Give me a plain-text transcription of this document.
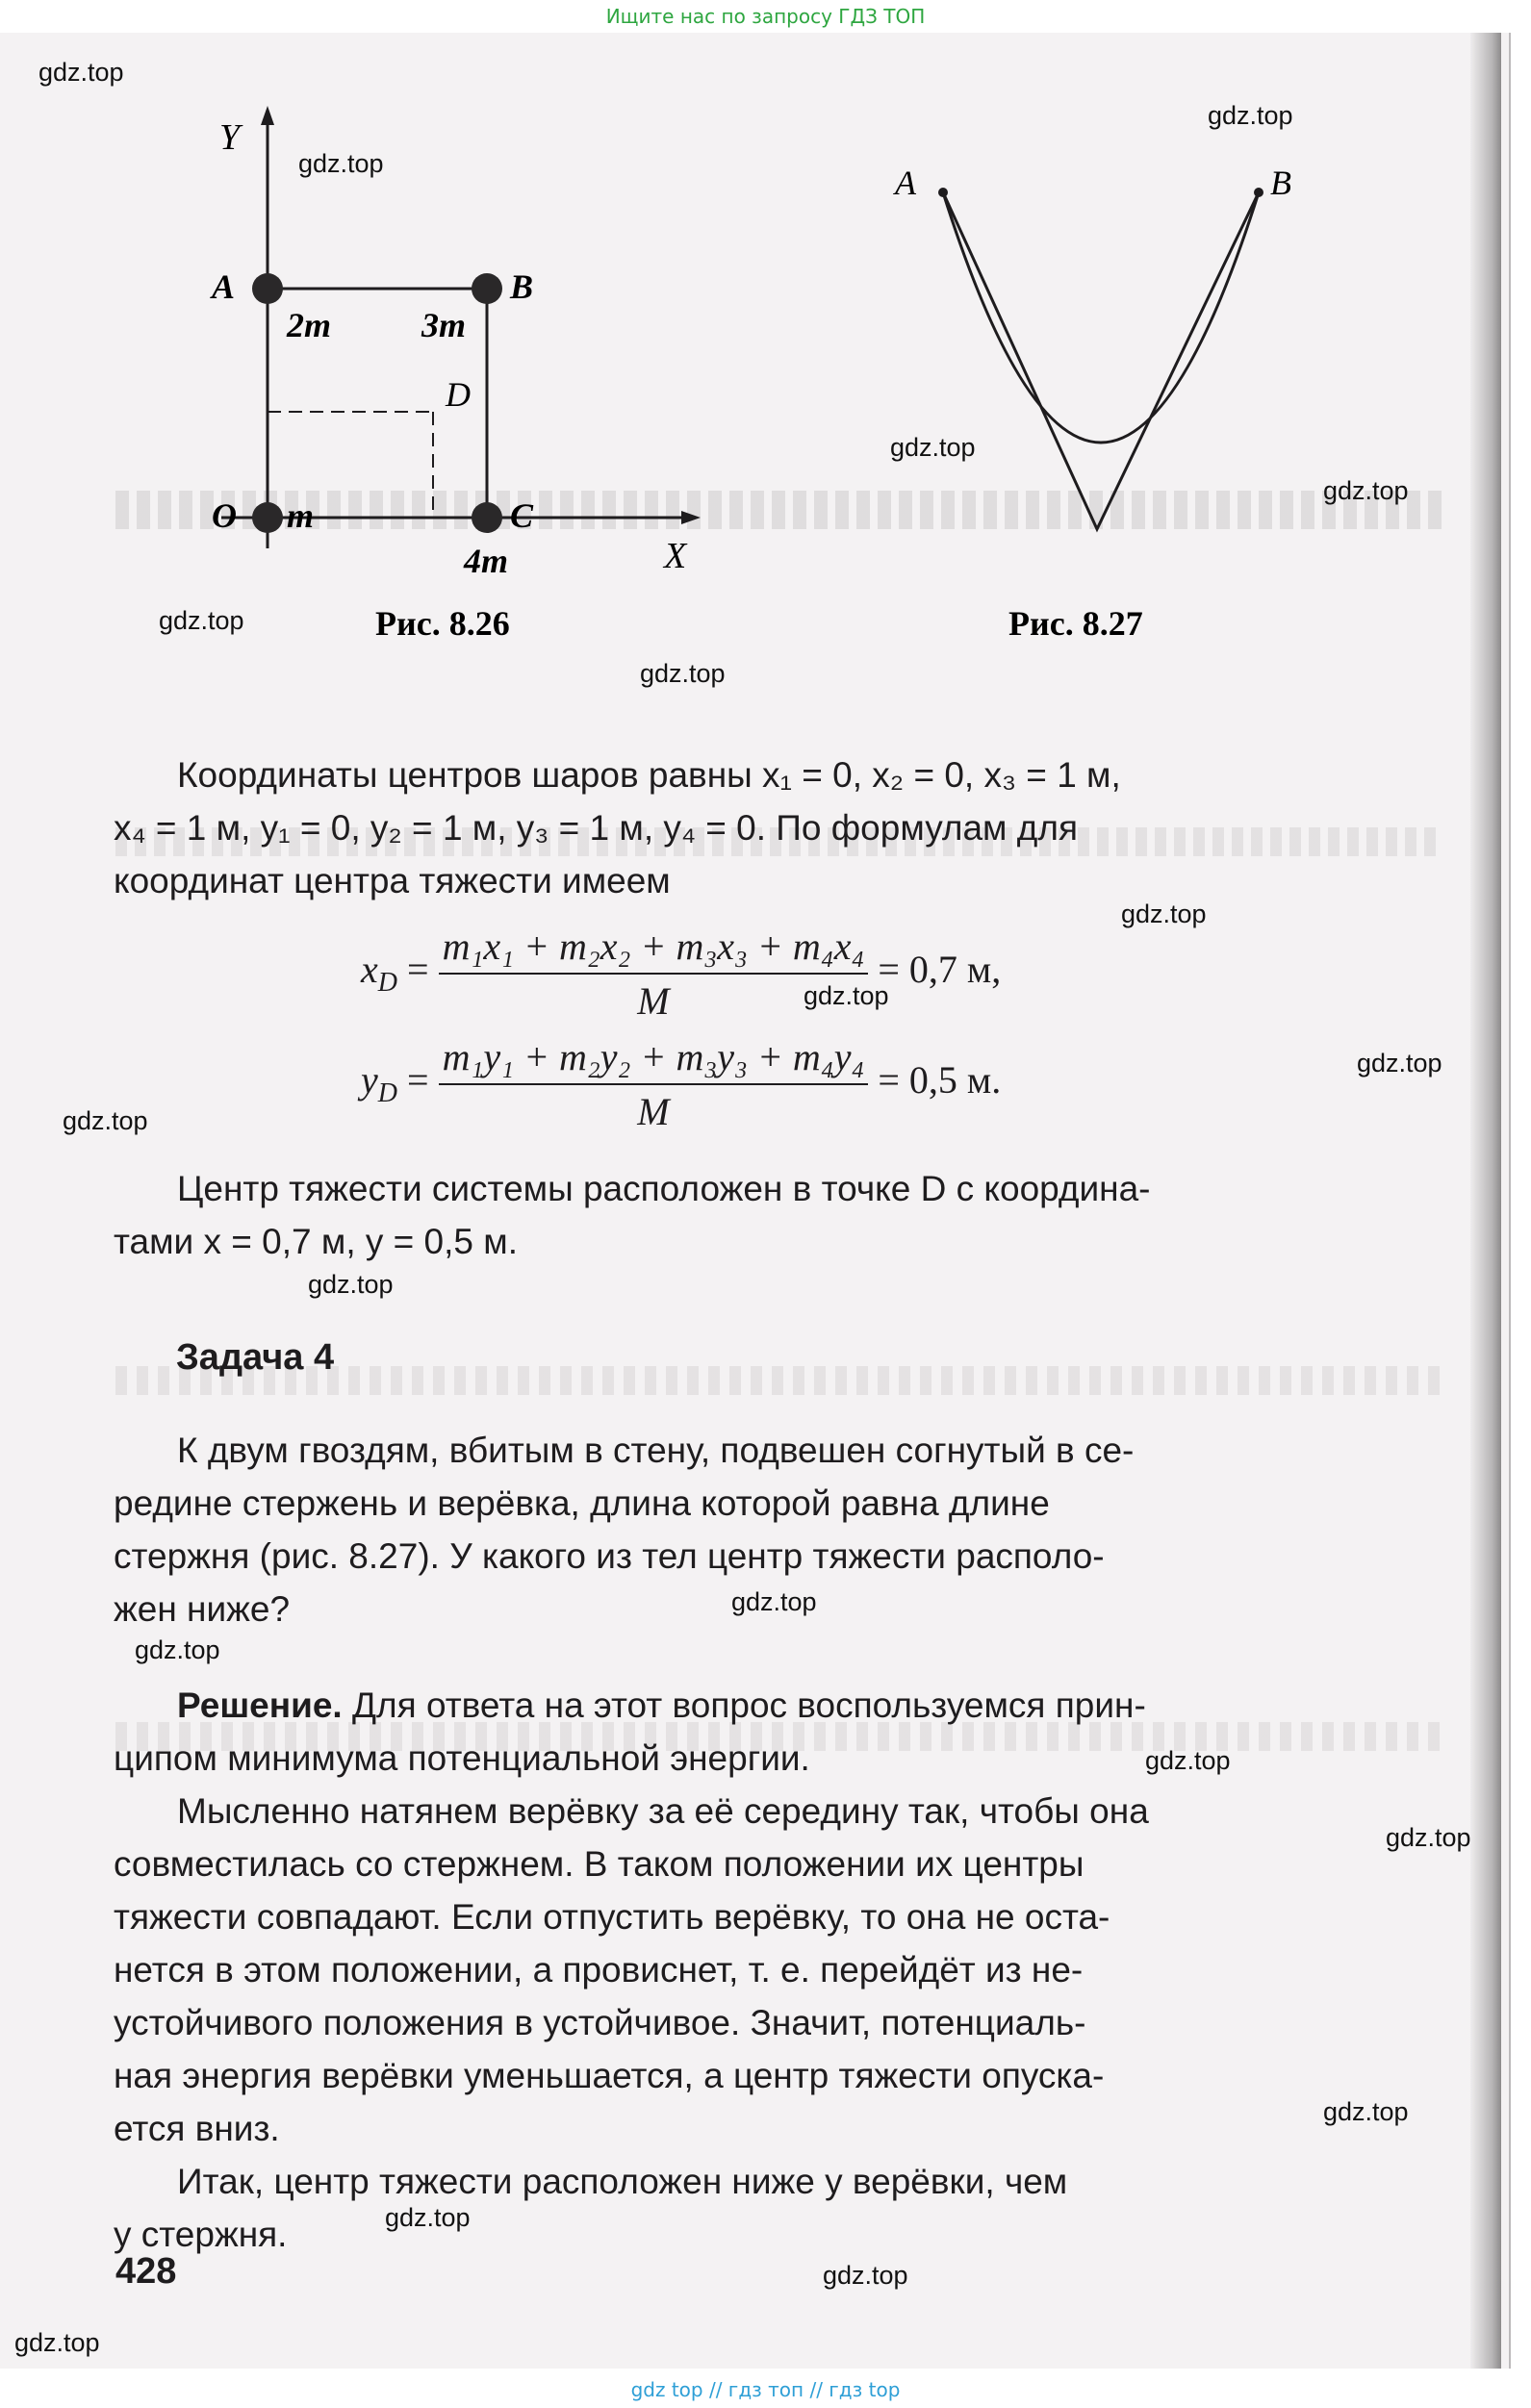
Ищите нас по запросу ГДЗ ТОП
Y
X
O
A	B
C
D
2m	3m
m
4m
Рис. 8.26
A	B
Рис. 8.27
Координаты центров шаров равны x₁ = 0, x₂ = 0, x₃ = 1 м,
x₄ = 1 м, y₁ = 0, y₂ = 1 м, y₃ = 1 м, y₄ = 0. По формулам для
координат центра тяжести имеем
$x_D = \frac{\text{m₁x₁ + m₂x₂ + m₃x₃ + m₄x₄}}{M} = 0,7$ м,
$y_D = \frac{\text{m₁y₁ + m₂y₂ + m₃y₃ + m₄y₄}}{M} = 0,5$ м.
Центр тяжести системы расположен в точке D с координа-
тами x = 0,7 м, y = 0,5 м.
Задача 4
К двум гвоздям, вбитым в стену, подвешен согнутый в се-
редине стержень и верёвка, длина которой равна длине
стержня (рис. 8.27). У какого из тел центр тяжести располо-
жен ниже?
Решение. Для ответа на этот вопрос воспользуемся прин-
ципом минимума потенциальной энергии.
Мысленно натянем верёвку за её середину так, чтобы она
совместилась со стержнем. В таком положении их центры
тяжести совпадают. Если отпустить верёвку, то она не оста-
нется в этом положении, а провиснет, т. е. перейдёт из не-
устойчивого положения в устойчивое. Значит, потенциаль-
ная энергия верёвки уменьшается, а центр тяжести опуска-
ется вниз.
Итак, центр тяжести расположен ниже у верёвки, чем
у стержня.
428
gdz.top
gdz.top
gdz.top
gdz.top
gdz.top
gdz.top
gdz.top
gdz.top
gdz.top
gdz.top
gdz.top
gdz.top
gdz.top
gdz.top
gdz.top
gdz.top
gdz.top
gdz.top
gdz.top
gdz.top
gdz top // гдз топ // гдз top
